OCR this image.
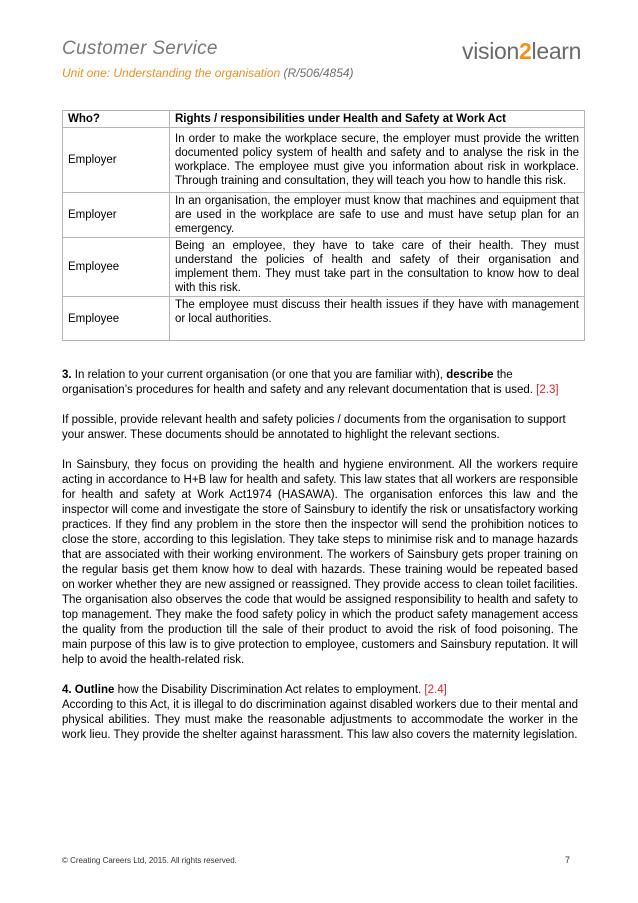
Customer Service
Unit one: Understanding the organisation (R/506/4854)
vision2learn
Who?	Rights / responsibilities under Health and Safety at Work Act
Employer	In order to make the workplace secure, the employer must provide the written documented policy system of health and safety and to analyse the risk in the workplace. The employee must give you information about risk in workplace. Through training and consultation, they will teach you how to handle this risk.
Employer	In an organisation, the employer must know that machines and equipment that are used in the workplace are safe to use and must have setup plan for an emergency.
Employee	Being an employee, they have to take care of their health. They must understand the policies of health and safety of their organisation and implement them. They must take part in the consultation to know how to deal with this risk.
Employee	The employee must discuss their health issues if they have with management or local authorities.

3. In relation to your current organisation (or one that you are familiar with), describe the organisation’s procedures for health and safety and any relevant documentation that is used. [2.3]

If possible, provide relevant health and safety policies / documents from the organisation to support your answer. These documents should be annotated to highlight the relevant sections.

In Sainsbury, they focus on providing the health and hygiene environment. All the workers require acting in accordance to H+B law for health and safety. This law states that all workers are responsible for health and safety at Work Act1974 (HASAWA). The organisation enforces this law and the inspector will come and investigate the store of Sainsbury to identify the risk or unsatisfactory working practices. If they find any problem in the store then the inspector will send the prohibition notices to close the store, according to this legislation. They take steps to minimise risk and to manage hazards that are associated with their working environment. The workers of Sainsbury gets proper training on the regular basis get them know how to deal with hazards. These training would be repeated based on worker whether they are new assigned or reassigned. They provide access to clean toilet facilities. The organisation also observes the code that would be assigned responsibility to health and safety to top management. They make the food safety policy in which the product safety management access the quality from the production till the sale of their product to avoid the risk of food poisoning. The main purpose of this law is to give protection to employee, customers and Sainsbury reputation. It will help to avoid the health-related risk.

4. Outline how the Disability Discrimination Act relates to employment. [2.4]

According to this Act, it is illegal to do discrimination against disabled workers due to their mental and physical abilities. They must make the reasonable adjustments to accommodate the worker in the work lieu. They provide the shelter against harassment. This law also covers the maternity legislation.

© Creating Careers Ltd, 2015. All rights reserved.	7
